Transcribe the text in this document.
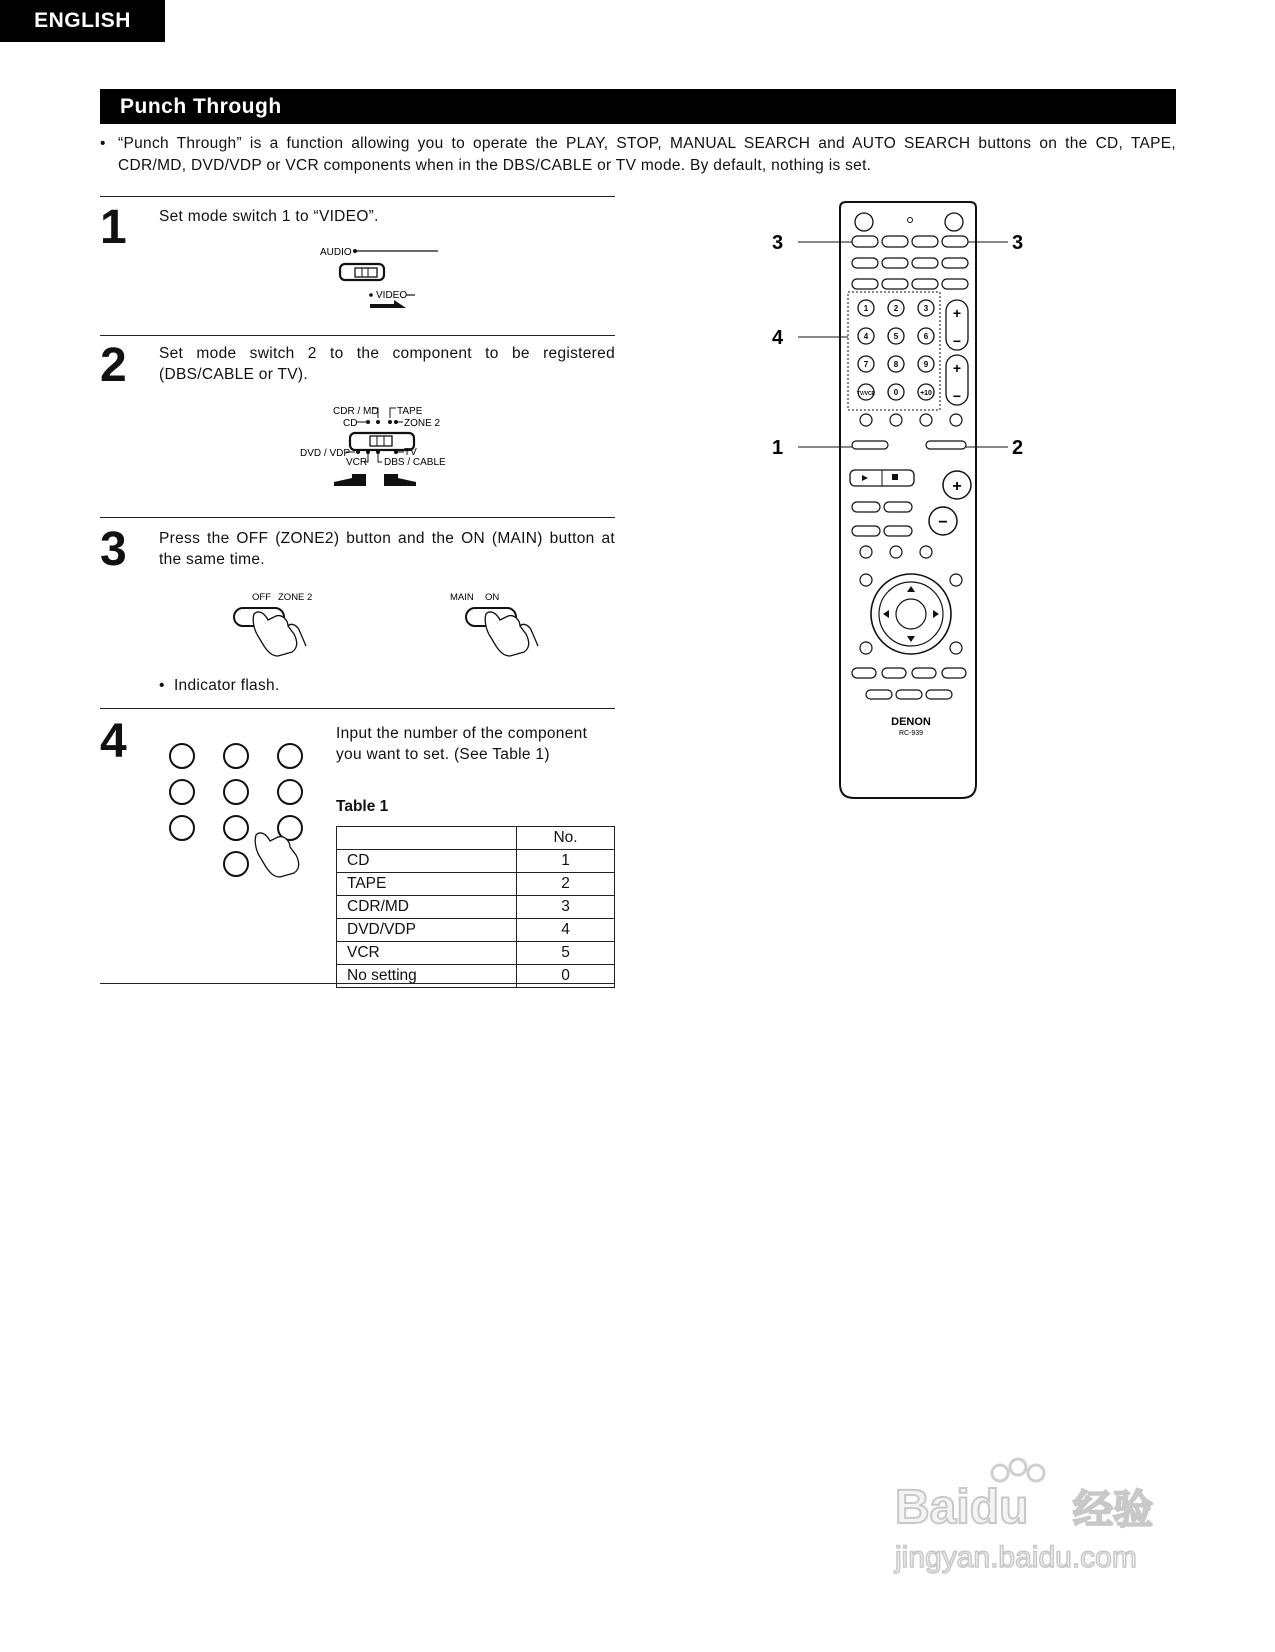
ENGLISH
Punch Through
• “Punch Through” is a function allowing you to operate the PLAY, STOP, MANUAL SEARCH and AUTO SEARCH buttons on the CD, TAPE, CDR/MD, DVD/VDP or VCR components when in the DBS/CABLE or TV mode. By default, nothing is set.
1 Set mode switch 1 to “VIDEO”.
AUDIO
VIDEO
2 Set mode switch 2 to the component to be registered (DBS/CABLE or TV).
CDR / MD
CD
TAPE
ZONE 2
DVD / VDP
VCR
TV
DBS / CABLE
3 Press the OFF (ZONE2) button and the ON (MAIN) button at the same time.
OFF ZONE 2	MAIN ON
• Indicator flash.
4	Input the number of the component you want to set. (See Table 1)
Table 1
	No.
CD	1
TAPE	2
CDR/MD	3
DVD/VDP	4
VCR	5
No setting	0
1	2	3
4	5	6
7	8	9
TV/VCR 0	+10
+
−
+
−
+
−
DENON
RC-939
3	3
4
1	2
Baidu 经验
jingyan.baidu.com
